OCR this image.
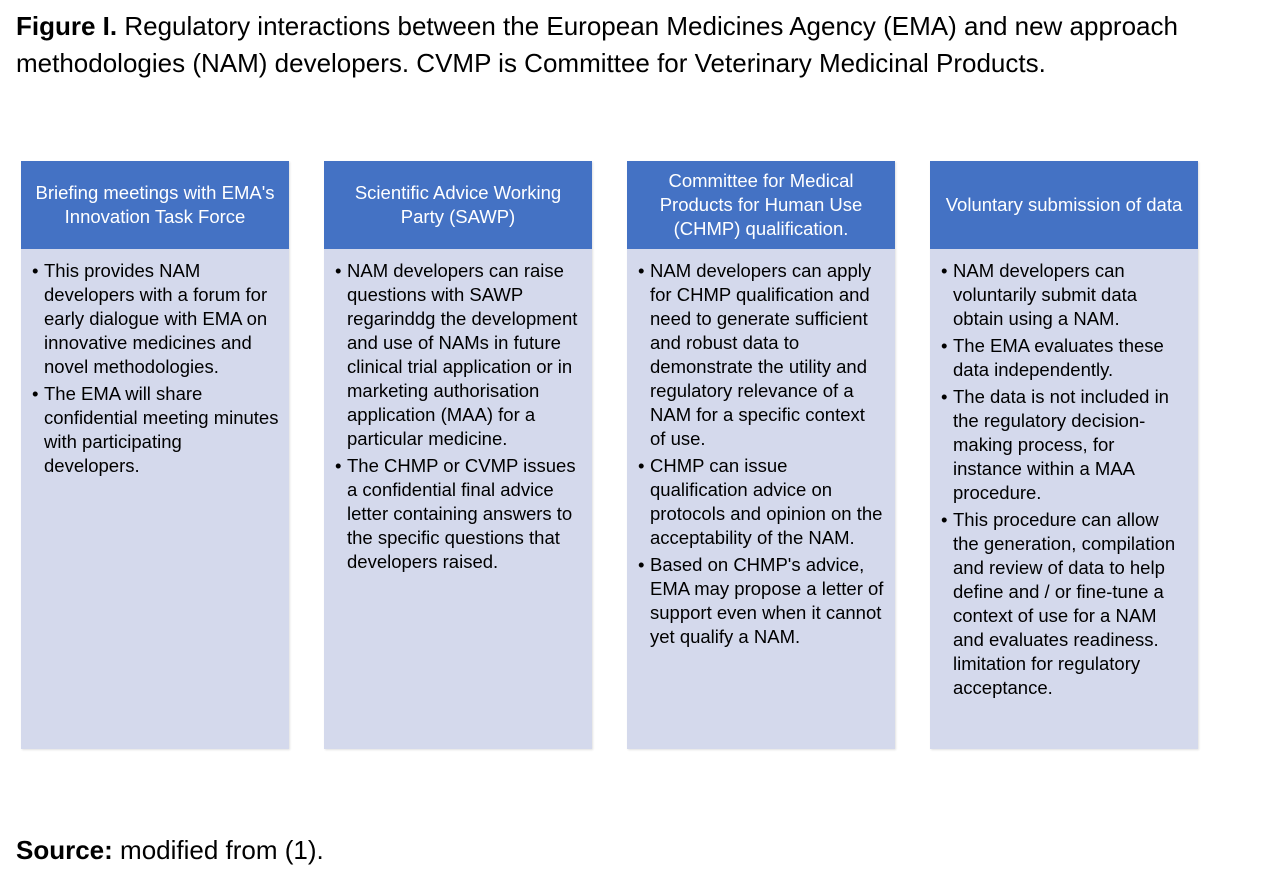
Figure I. Regulatory interactions between the European Medicines Agency (EMA) and new approach methodologies (NAM) developers. CVMP is Committee for Veterinary Medicinal Products.

Briefing meetings with EMA's Innovation Task Force
• This provides NAM developers with a forum for early dialogue with EMA on innovative medicines and novel methodologies.
• The EMA will share confidential meeting minutes with participating developers.
Scientific Advice Working Party (SAWP)
• NAM developers can raise questions with SAWP regarinddg the development and use of NAMs in future clinical trial application or in marketing authorisation application (MAA) for a particular medicine.
• The CHMP or CVMP issues a confidential final advice letter containing answers to the specific questions that developers raised.
Committee for Medical Products for Human Use (CHMP) qualification.
• NAM developers can apply for CHMP qualification and need to generate sufficient and robust data to demonstrate the utility and regulatory relevance of a NAM for a specific context of use.
• CHMP can issue qualification advice on protocols and opinion on the acceptability of the NAM.
• Based on CHMP's advice, EMA may propose a letter of support even when it cannot yet qualify a NAM.
Voluntary submission of data
• NAM developers can voluntarily submit data obtain using a NAM.
• The EMA evaluates these data independently.
• The data is not included in the regulatory decision-making process, for instance within a MAA procedure.
• This procedure can allow the generation, compilation and review of data to help define and / or fine-tune a context of use for a NAM and evaluates readiness. limitation for regulatory acceptance.

Source: modified from (1).
